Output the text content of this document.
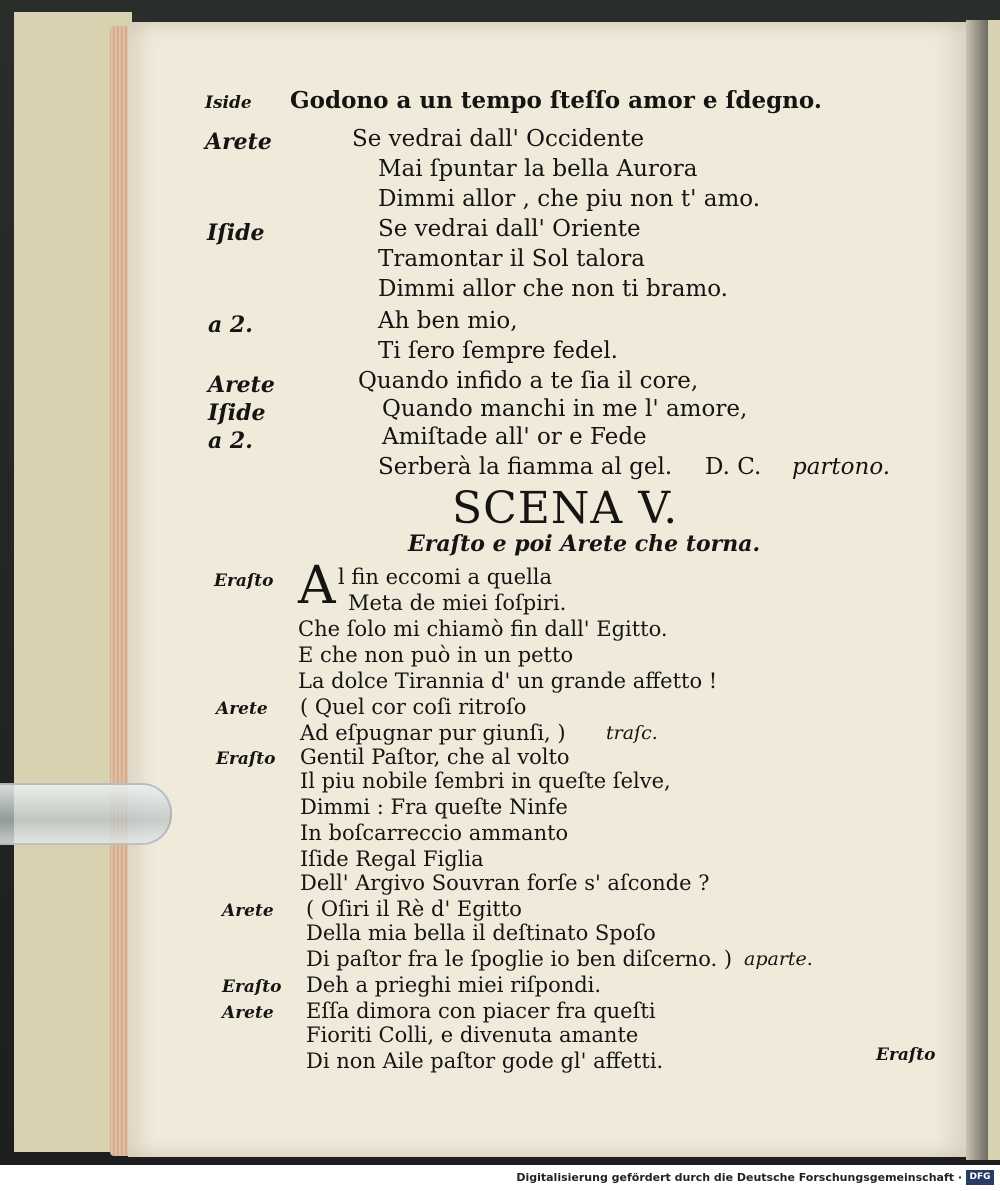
Iside Godono a un tempo ſteſſo amor e ſdegno.
Arete	Se vedrai dall' Occidente
Mai ſpuntar la bella Aurora
Dimmi allor , che piu non t' amo.
Iſide	Se vedrai dall' Oriente
Tramontar il Sol talora
Dimmi allor che non ti bramo.
a 2.	Ah ben mio,
Ti ſero ſempre fedel.
Arete	Quando infido a te ſia il core,
Iſide	Quando manchi in me l' amore,
a 2.	Amiſtade all' or e Fede
Serberà la fiamma al gel. D. C. partono.
SCENA V.
Eraſto e poi Arete che torna.
Eraſto A l fin eccomi a quella
Meta de miei ſoſpiri.
Che ſolo mi chiamò fin dall' Egitto.
E che non può in un petto
La dolce Tirannia d' un grande affetto !
Arete ( Quel cor coſi ritroſo
Ad eſpugnar pur giunſi, ) traſc.
Eraſto Gentil Paſtor, che al volto
Il piu nobile ſembri in queſte ſelve,
Dimmi : Fra queſte Ninfe
In boſcarreccio ammanto
Iſide Regal Figlia
Dell' Argivo Souvran forſe s' aſconde ?
Arete ( Oſiri il Rè d' Egitto
Della mia bella il deſtinato Spoſo
Di paſtor fra le ſpoglie io ben diſcerno. ) aparte.
Eraſto Deh a prieghi miei riſpondi.
Arete Eſſa dimora con piacer fra queſti
Fioriti Colli, e divenuta amante
Di non Aile paſtor gode gl' affetti.	Eraſto
Digitalisierung gefördert durch die Deutsche Forschungsgemeinschaft · DFG
